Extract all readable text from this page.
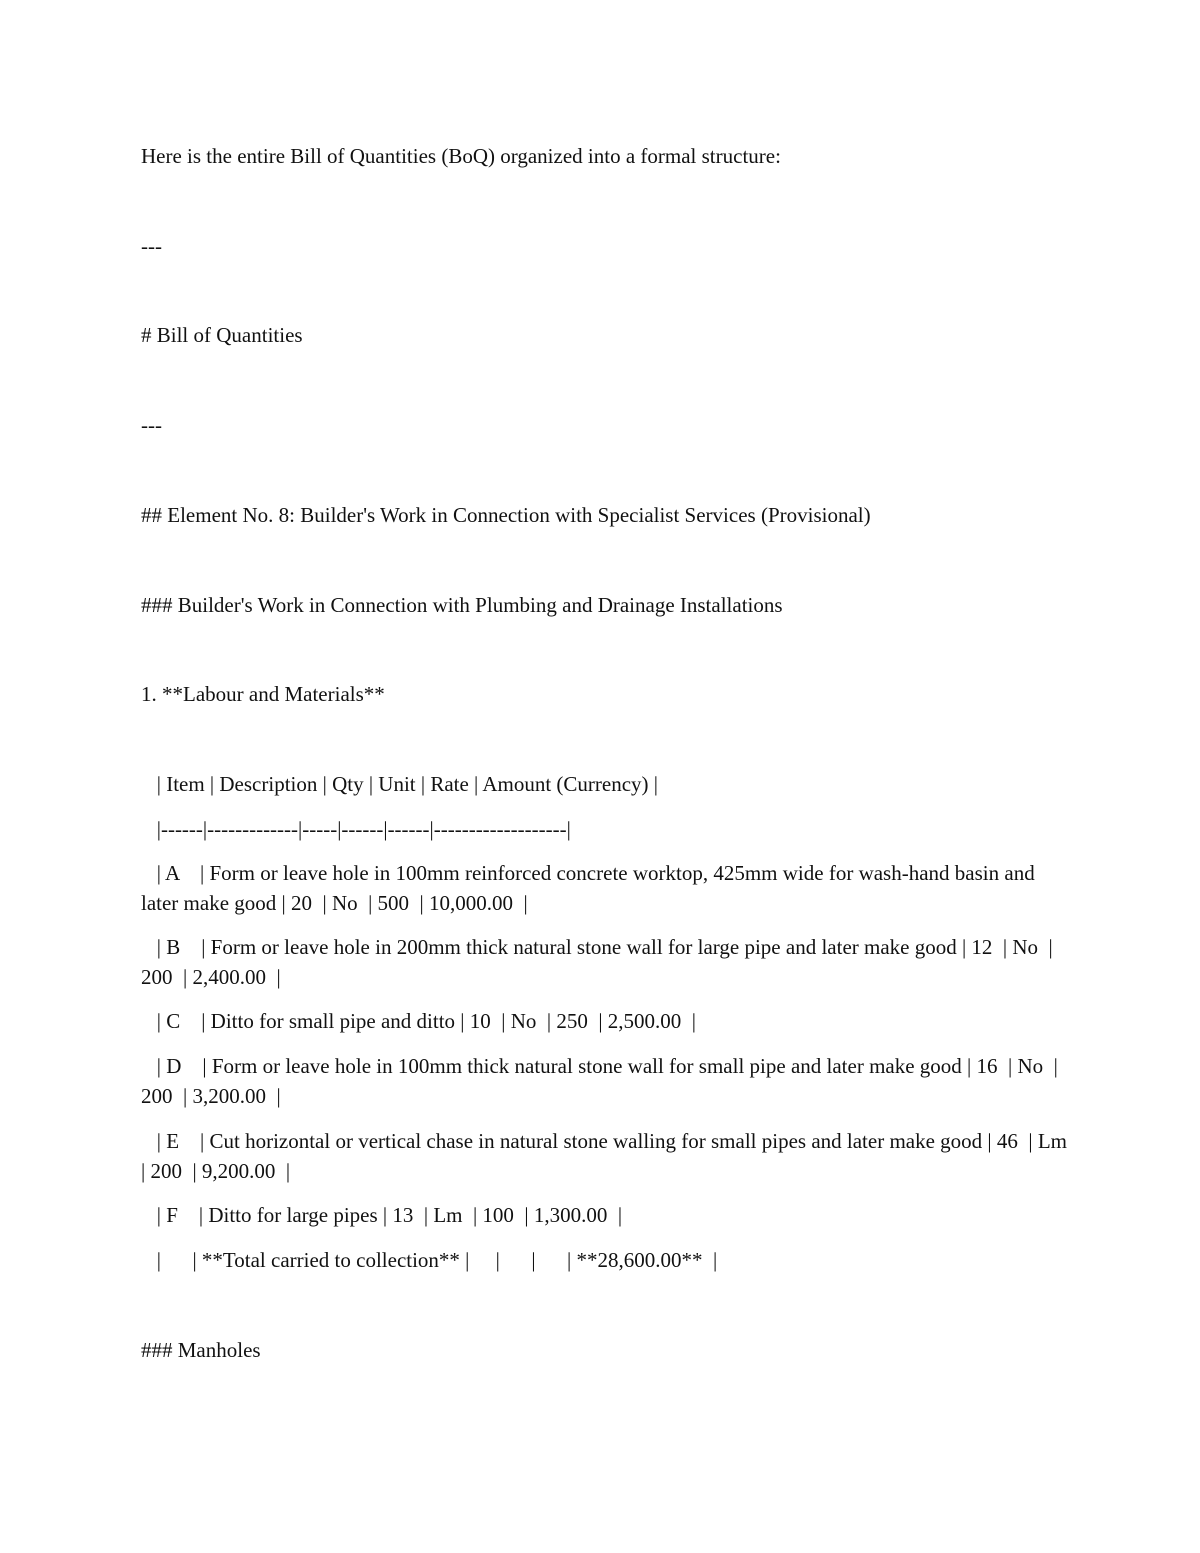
Here is the entire Bill of Quantities (BoQ) organized into a formal structure:

---

# Bill of Quantities

---

## Element No. 8: Builder's Work in Connection with Specialist Services (Provisional)

### Builder's Work in Connection with Plumbing and Drainage Installations

1. **Labour and Materials**

| Item | Description | Qty | Unit | Rate | Amount (Currency) |

|------|-------------|-----|------|------|-------------------|

| A    | Form or leave hole in 100mm reinforced concrete worktop, 425mm wide for wash-hand basin and later make good | 20  | No  | 500  | 10,000.00  |

| B    | Form or leave hole in 200mm thick natural stone wall for large pipe and later make good | 12  | No  | 200  | 2,400.00  |

| C    | Ditto for small pipe and ditto | 10  | No  | 250  | 2,500.00  |

| D    | Form or leave hole in 100mm thick natural stone wall for small pipe and later make good | 16  | No  | 200  | 3,200.00  |

| E    | Cut horizontal or vertical chase in natural stone walling for small pipes and later make good | 46  | Lm  | 200  | 9,200.00  |

| F    | Ditto for large pipes | 13  | Lm  | 100  | 1,300.00  |

|      | **Total carried to collection** |     |      |      | **28,600.00**  |

### Manholes
